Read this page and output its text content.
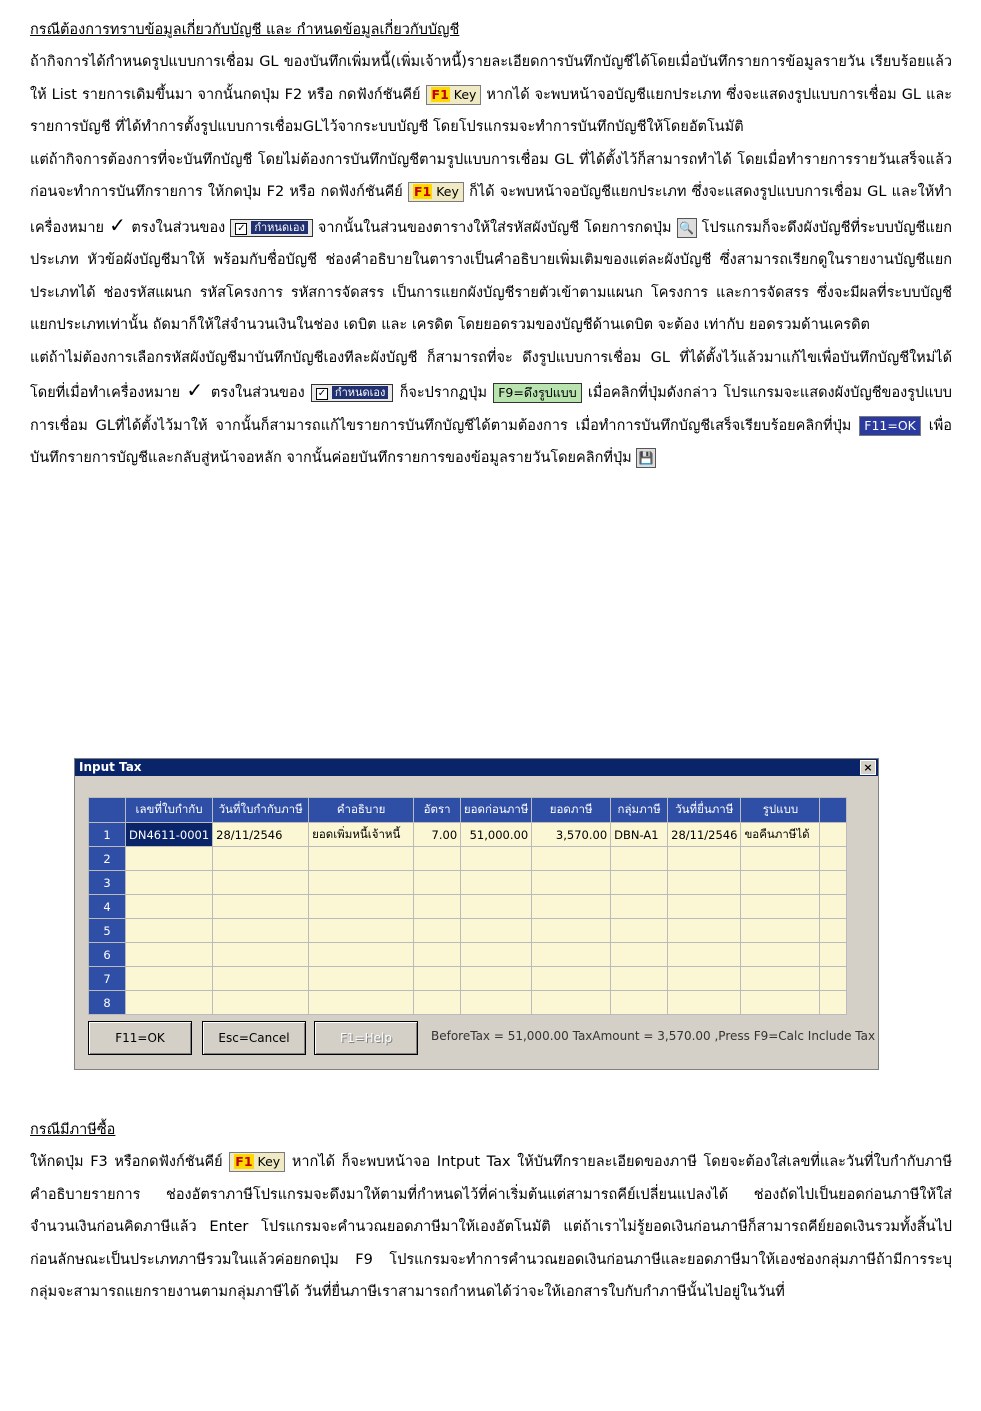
กรณีต้องการทราบข้อมูลเกี่ยวกับบัญชี และ กำหนดข้อมูลเกี่ยวกับบัญชี
ถ้ากิจการได้กำหนดรูปแบบการเชื่อม GL ของบันทึกเพิ่มหนี้(เพิ่มเจ้าหนี้)รายละเอียดการบันทึกบัญชีได้โดยเมื่อบันทึกรายการข้อมูลรายวัน เรียบร้อยแล้วให้ List รายการเดิมขึ้นมา จากนั้นกดปุ่ม F2 หรือ กดฟังก์ชันคีย์ F1 Key หากได้ จะพบหน้าจอบัญชีแยกประเภท ซึ่งจะแสดงรูปแบบการเชื่อม GL และรายการบัญชี ที่ได้ทำการตั้งรูปแบบการเชื่อมGLไว้จากระบบบัญชี โดยโปรแกรมจะทำการบันทึกบัญชีให้โดยอัตโนมัติ
แต่ถ้ากิจการต้องการที่จะบันทึกบัญชี โดยไม่ต้องการบันทึกบัญชีตามรูปแบบการเชื่อม GL ที่ได้ตั้งไว้ก็สามารถทำได้ โดยเมื่อทำรายการรายวันเสร็จแล้ว ก่อนจะทำการบันทึกรายการ ให้กดปุ่ม F2 หรือ กดฟังก์ชันคีย์ F1 Key ก็ได้ จะพบหน้าจอบัญชีแยกประเภท ซึ่งจะแสดงรูปแบบการเชื่อม GL และให้ทำเครื่องหมาย ✓ ตรงในส่วนของ ✓ กำหนดเอง จากนั้นในส่วนของตารางให้ใส่รหัสผังบัญชี โดยการกดปุ่ม 🔍 โปรแกรมก็จะดึงผังบัญชีที่ระบบบัญชีแยกประเภท หัวข้อผังบัญชีมาให้ พร้อมกับชื่อบัญชี ช่องคำอธิบายในตารางเป็นคำอธิบายเพิ่มเติมของแต่ละผังบัญชี ซึ่งสามารถเรียกดูในรายงานบัญชีแยกประเภทได้ ช่องรหัสแผนก รหัสโครงการ รหัสการจัดสรร เป็นการแยกผังบัญชีรายตัวเข้าตามแผนก โครงการ และการจัดสรร ซึ่งจะมีผลที่ระบบบัญชีแยกประเภทเท่านั้น ถัดมาก็ให้ใส่จำนวนเงินในช่อง เดบิต และ เครดิต โดยยอดรวมของบัญชีด้านเดบิต จะต้อง เท่ากับ ยอดรวมด้านเครดิต
แต่ถ้าไม่ต้องการเลือกรหัสผังบัญชีมาบันทึกบัญชีเองทีละผังบัญชี ก็สามารถที่จะ ดึงรูปแบบการเชื่อม GL ที่ได้ตั้งไว้แล้วมาแก้ไขเพื่อบันทึกบัญชีใหม่ได้ โดยที่เมื่อทำเครื่องหมาย ✓ ตรงในส่วนของ ✓ กำหนดเอง ก็จะปรากฏปุ่ม F9=ดึงรูปแบบ เมื่อคลิกที่ปุ่มดังกล่าว โปรแกรมจะแสดงผังบัญชีของรูปแบบการเชื่อม GLที่ได้ตั้งไว้มาให้ จากนั้นก็สามารถแก้ไขรายการบันทึกบัญชีได้ตามต้องการ เมื่อทำการบันทึกบัญชีเสร็จเรียบร้อยคลิกที่ปุ่ม F11=OK เพื่อบันทึกรายการบัญชีและกลับสู่หน้าจอหลัก จากนั้นค่อยบันทึกรายการของข้อมูลรายวันโดยคลิกที่ปุ่ม 💾
Input Tax	×
	เลขที่ใบกำกับ	วันที่ใบกำกับภาษี	คำอธิบาย	อัตรา	ยอดก่อนภาษี	ยอดภาษี	กลุ่มภาษี	วันที่ยื่นภาษี	รูปแบบ	
1	DN4611-0001	28/11/2546	ยอดเพิ่มหนี้เจ้าหนี้	7.00	51,000.00	3,570.00	DBN-A1	28/11/2546	ขอคืนภาษีได้	
2										
3										
4										
5										
6										
7										
8										
F11=OK	Esc=Cancel	F1=Help	BeforeTax = 51,000.00 TaxAmount = 3,570.00 ,Press F9=Calc Include Tax
กรณีมีภาษีซื้อ
ให้กดปุ่ม F3 หรือกดฟังก์ชันคีย์ F1 Key หากได้ ก็จะพบหน้าจอ Intput Tax ให้บันทึกรายละเอียดของภาษี โดยจะต้องใส่เลขที่และวันที่ใบกำกับภาษี คำอธิบายรายการ ช่องอัตราภาษีโปรแกรมจะดึงมาให้ตามที่กำหนดไว้ที่ค่าเริ่มต้นแต่สามารถคีย์เปลี่ยนแปลงได้ ช่องถัดไปเป็นยอดก่อนภาษีให้ใส่จำนวนเงินก่อนคิดภาษีแล้ว Enter โปรแกรมจะคำนวณยอดภาษีมาให้เองอัตโนมัติ แต่ถ้าเราไม่รู้ยอดเงินก่อนภาษีก็สามารถคีย์ยอดเงินรวมทั้งสิ้นไปก่อนลักษณะเป็นประเภทภาษีรวมในแล้วค่อยกดปุ่ม F9 โปรแกรมจะทำการคำนวณยอดเงินก่อนภาษีและยอดภาษีมาให้เองช่องกลุ่มภาษีถ้ามีการระบุกลุ่มจะสามารถแยกรายงานตามกลุ่มภาษีได้ วันที่ยื่นภาษีเราสามารถกำหนดได้ว่าจะให้เอกสารใบกับกำภาษีนั้นไปอยู่ในวันที่
